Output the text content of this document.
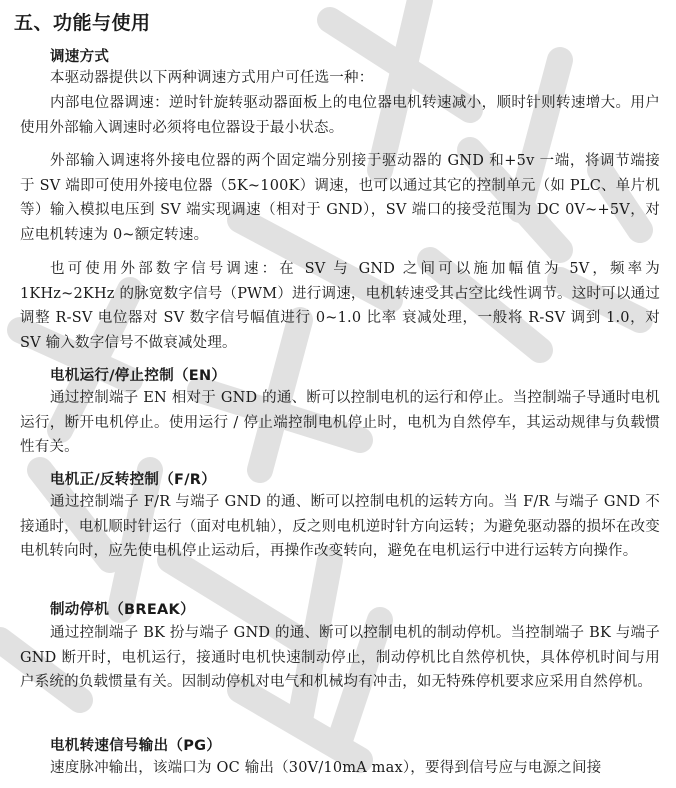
五、功能与使用
调速方式
本驱动器提供以下两种调速方式用户可任选一种：
内部电位器调速：逆时针旋转驱动器面板上的电位器电机转速减小，顺时针则转速增大。用户使用外部输入调速时必须将电位器设于最小状态。
外部输入调速将外接电位器的两个固定端分别接于驱动器的 GND 和+5v 一端，将调节端接于 SV 端即可使用外接电位器（5K~100K）调速，也可以通过其它的控制单元（如 PLC、单片机等）输入模拟电压到 SV 端实现调速（相对于 GND），SV 端口的接受范围为 DC 0V~+5V，对应电机转速为 0~额定转速。
也可使用外部数字信号调速：在 SV 与 GND 之间可以施加幅值为 5V，频率为 1KHz~2KHz 的脉宽数字信号（PWM）进行调速，电机转速受其占空比线性调节。这时可以通过调整 R-SV 电位器对 SV 数字信号幅值进行 0~1.0 比率 衰减处理，一般将 R-SV 调到 1.0，对 SV 输入数字信号不做衰减处理。
电机运行/停止控制（EN）
通过控制端子 EN 相对于 GND 的通、断可以控制电机的运行和停止。当控制端子导通时电机运行，断开电机停止。使用运行 / 停止端控制电机停止时，电机为自然停车，其运动规律与负载惯性有关。
电机正/反转控制（F/R）
通过控制端子 F/R 与端子 GND 的通、断可以控制电机的运转方向。当 F/R 与端子 GND 不接通时，电机顺时针运行（面对电机轴），反之则电机逆时针方向运转；为避免驱动器的损坏在改变电机转向时，应先使电机停止运动后，再操作改变转向，避免在电机运行中进行运转方向操作。
制动停机（BREAK）
通过控制端子 BK 扮与端子 GND 的通、断可以控制电机的制动停机。当控制端子 BK 与端子 GND 断开时，电机运行，接通时电机快速制动停止，制动停机比自然停机快，具体停机时间与用户系统的负载惯量有关。因制动停机对电气和机械均有冲击，如无特殊停机要求应采用自然停机。
电机转速信号输出（PG）
速度脉冲输出，该端口为 OC 输出（30V/10mA max），要得到信号应与电源之间接
